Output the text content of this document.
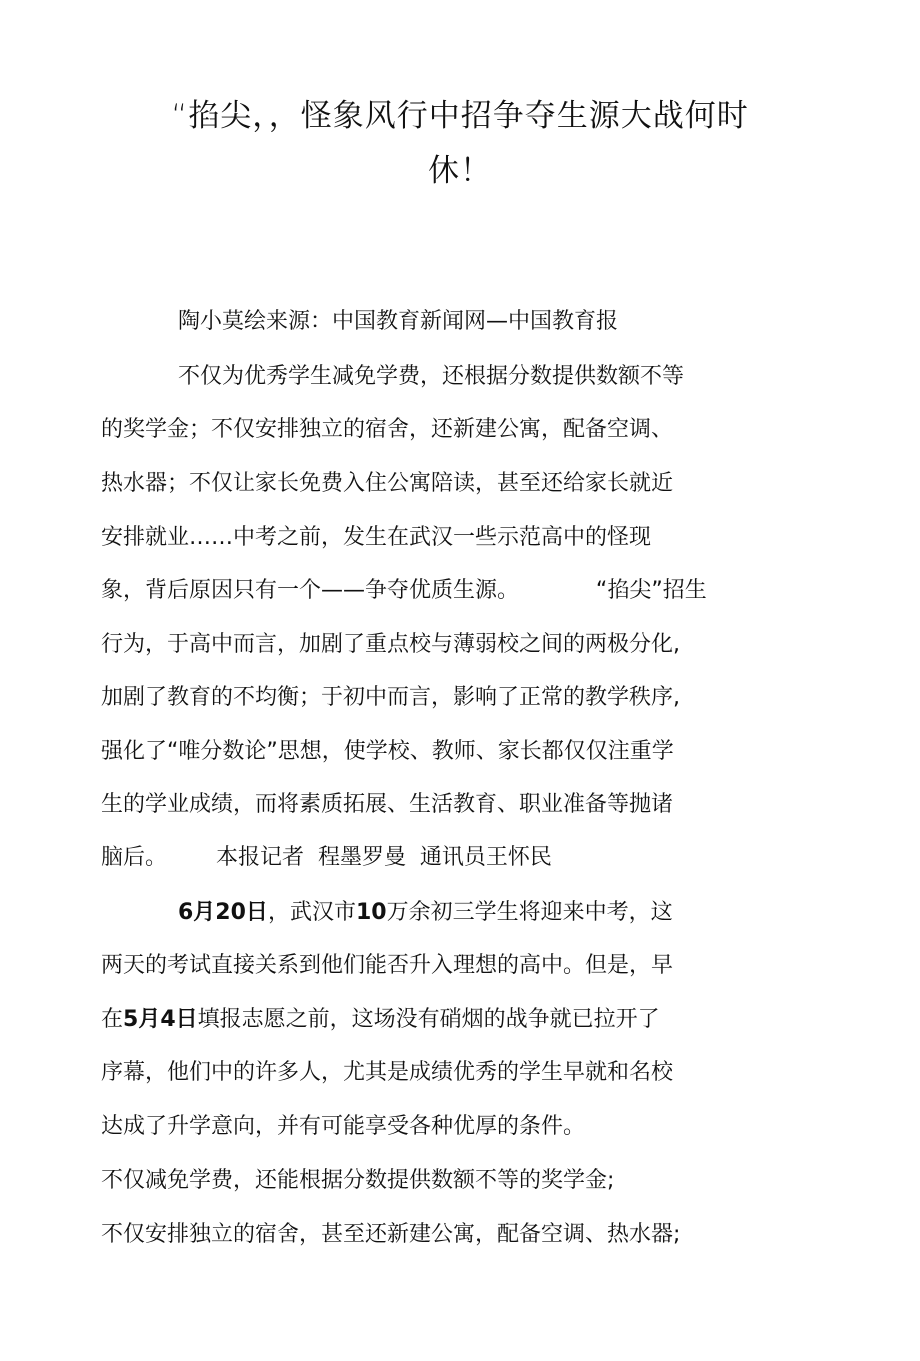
“掐尖，，怪象风行中招争夺生源大战何时
休！
陶小莫绘来源：中国教育新闻网—中国教育报
不仅为优秀学生减免学费，还根据分数提供数额不等
的奖学金；不仅安排独立的宿舍，还新建公寓，配备空调、
热水器；不仅让家长免费入住公寓陪读，甚至还给家长就近
安排就业……中考之前，发生在武汉一些示范高中的怪现
象，背后原因只有一个——争夺优质生源。           “掐尖”招生
行为，于高中而言，加剧了重点校与薄弱校之间的两极分化,
加剧了教育的不均衡；于初中而言，影响了正常的教学秩序,
强化了“唯分数论”思想，使学校、教师、家长都仅仅注重学
生的学业成绩，而将素质拓展、生活教育、职业准备等抛诸
脑后。       本报记者  程墨罗曼  通讯员王怀民
6月20日，武汉市10万余初三学生将迎来中考，这
两天的考试直接关系到他们能否升入理想的高中。但是，早
在5月4日填报志愿之前，这场没有硝烟的战争就已拉开了
序幕，他们中的许多人，尤其是成绩优秀的学生早就和名校
达成了升学意向，并有可能享受各种优厚的条件。
不仅减免学费，还能根据分数提供数额不等的奖学金;
不仅安排独立的宿舍，甚至还新建公寓，配备空调、热水器;
